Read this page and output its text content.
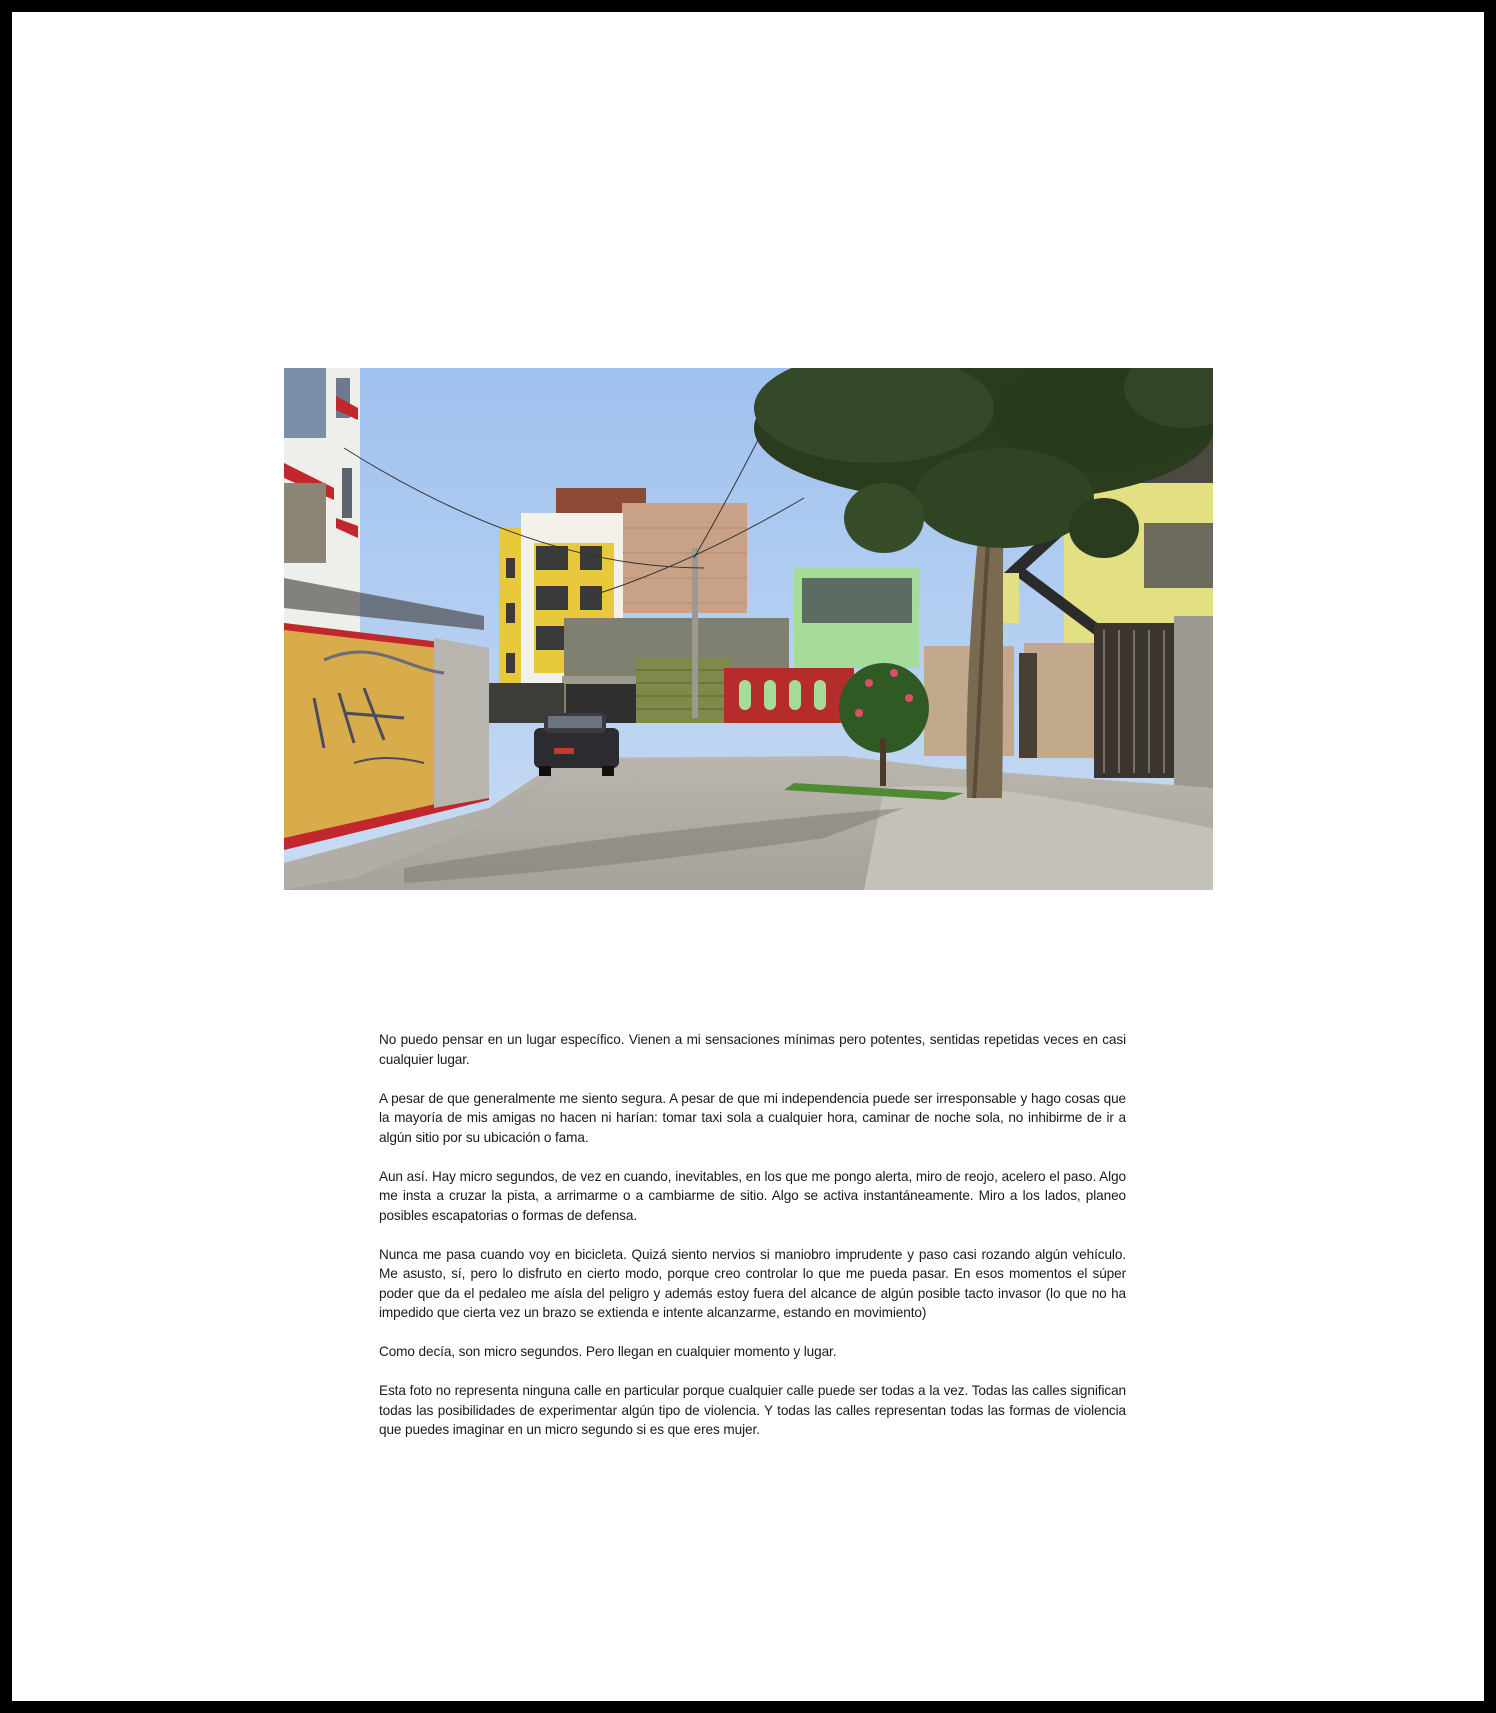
No puedo pensar en un lugar específico. Vienen a mi sensaciones mínimas pero potentes, sentidas repetidas veces en casi cualquier lugar.

A pesar de que generalmente me siento segura. A pesar de que mi independencia puede ser irresponsable y hago cosas que la mayoría de mis amigas no hacen ni harían: tomar taxi sola a cualquier hora, caminar de noche sola, no inhibirme de ir a algún sitio por su ubicación o fama.

Aun así. Hay micro segundos, de vez en cuando, inevitables, en los que me pongo alerta, miro de reojo, acelero el paso. Algo me insta a cruzar la pista, a arrimarme o a cambiarme de sitio. Algo se activa instantáneamente. Miro a los lados, planeo posibles escapatorias o formas de defensa.

Nunca me pasa cuando voy en bicicleta. Quizá siento nervios si maniobro imprudente y paso casi rozando algún vehículo. Me asusto, sí, pero lo disfruto en cierto modo, porque creo controlar lo que me pueda pasar. En esos momentos el súper poder que da el pedaleo me aísla del peligro y además estoy fuera del alcance de algún posible tacto invasor (lo que no ha impedido que cierta vez un brazo se extienda e intente alcanzarme, estando en movimiento)

Como decía, son micro segundos. Pero llegan en cualquier momento y lugar.

Esta foto no representa ninguna calle en particular porque cualquier calle puede ser todas a la vez. Todas las calles significan todas las posibilidades de experimentar algún tipo de violencia. Y todas las calles representan todas las formas de violencia que puedes imaginar en un micro segundo si es que eres mujer.
